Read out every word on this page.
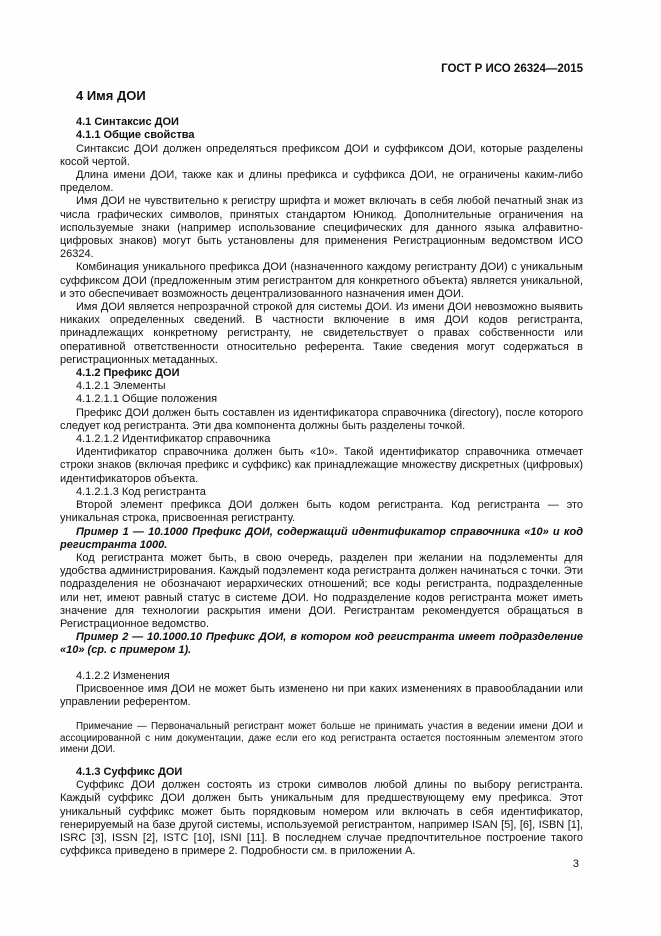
ГОСТ Р ИСО 26324—2015
4 Имя ДОИ
4.1 Синтаксис ДОИ
4.1.1 Общие свойства

Синтаксис ДОИ должен определяться префиксом ДОИ и суффиксом ДОИ, которые разделены косой чертой.

Длина имени ДОИ, также как и длины префикса и суффикса ДОИ, не ограничены каким-либо пределом.

Имя ДОИ не чувствительно к регистру шрифта и может включать в себя любой печатный знак из числа графических символов, принятых стандартом Юникод. Дополнительные ограничения на используемые знаки (например использование специфических для данного языка алфавитно-цифровых знаков) могут быть установлены для применения Регистрационным ведомством ИСО 26324.

Комбинация уникального префикса ДОИ (назначенного каждому регистранту ДОИ) с уникальным суффиксом ДОИ (предложенным этим регистрантом для конкретного объекта) является уникальной, и это обеспечивает возможность децентрализованного назначения имен ДОИ.

Имя ДОИ является непрозрачной строкой для системы ДОИ. Из имени ДОИ невозможно выявить никаких определенных сведений. В частности включение в имя ДОИ кодов регистранта, принадлежащих конкретному регистранту, не свидетельствует о правах собственности или оперативной ответственности относительно референта. Такие сведения могут содержаться в регистрационных метаданных.

4.1.2 Префикс ДОИ
4.1.2.1 Элементы
4.1.2.1.1 Общие положения

Префикс ДОИ должен быть составлен из идентификатора справочника (directory), после которого следует код регистранта. Эти два компонента должны быть разделены точкой.

4.1.2.1.2 Идентификатор справочника

Идентификатор справочника должен быть «10». Такой идентификатор справочника отмечает строки знаков (включая префикс и суффикс) как принадлежащие множеству дискретных (цифровых) идентификаторов объекта.

4.1.2.1.3 Код регистранта

Второй элемент префикса ДОИ должен быть кодом регистранта. Код регистранта — это уникальная строка, присвоенная регистранту.

Пример 1 — 10.1000 Префикс ДОИ, содержащий идентификатор справочника «10» и код регистранта 1000.

Код регистранта может быть, в свою очередь, разделен при желании на подэлементы для удобства администрирования. Каждый подэлемент кода регистранта должен начинаться с точки. Эти подразделения не обозначают иерархических отношений; все коды регистранта, подразделенные или нет, имеют равный статус в системе ДОИ. Но подразделение кодов регистранта может иметь значение для технологии раскрытия имени ДОИ. Регистрантам рекомендуется обращаться в Регистрационное ведомство.

Пример 2 — 10.1000.10 Префикс ДОИ, в котором код регистранта имеет подразделение «10» (ср. с примером 1).

4.1.2.2 Изменения

Присвоенное имя ДОИ не может быть изменено ни при каких изменениях в правообладании или управлении референтом.

Примечание — Первоначальный регистрант может больше не принимать участия в ведении имени ДОИ и ассоциированной с ним документации, даже если его код регистранта остается постоянным элементом этого имени ДОИ.

4.1.3 Суффикс ДОИ

Суффикс ДОИ должен состоять из строки символов любой длины по выбору регистранта. Каждый суффикс ДОИ должен быть уникальным для предшествующему ему префикса. Этот уникальный суффикс может быть порядковым номером или включать в себя идентификатор, генерируемый на базе другой системы, используемой регистрантом, например ISAN [5], [6], ISBN [1], ISRC [3], ISSN [2], ISTC [10], ISNI [11]. В последнем случае предпочтительное построение такого суффикса приведено в примере 2. Подробности см. в приложении А.

3
